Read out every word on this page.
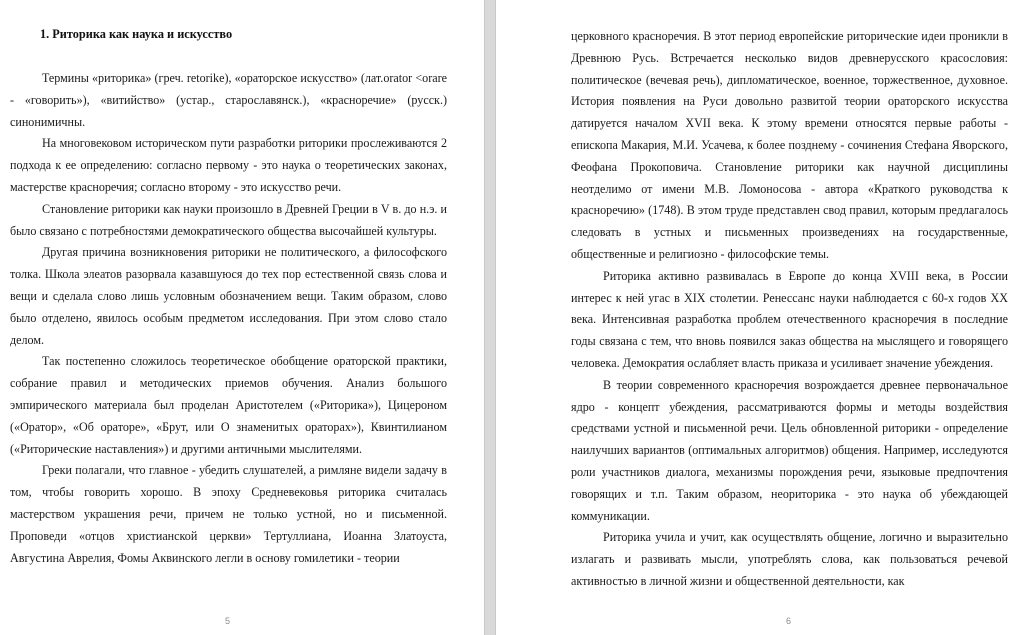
1. Риторика как наука и искусство

Термины «риторика» (греч. retorike), «ораторское искусство» (лат.orator <orare - «говорить»), «витийство» (устар., старославянск.), «красноречие» (русск.) синонимичны.

На многовековом историческом пути разработки риторики прослеживаются 2 подхода к ее определению: согласно первому - это наука о теоретических законах, мастерстве красноречия; согласно второму - это искусство речи.

Становление риторики как науки произошло в Древней Греции в V в. до н.э. и было связано с потребностями демократического общества высочайшей культуры.

Другая причина возникновения риторики не политического, а философского толка. Школа элеатов разорвала казавшуюся до тех пор естественной связь слова и вещи и сделала слово лишь условным обозначением вещи. Таким образом, слово было отделено, явилось особым предметом исследования. При этом слово стало делом.

Так постепенно сложилось теоретическое обобщение ораторской практики, собрание правил и методических приемов обучения. Анализ большого эмпирического материала был проделан Аристотелем («Риторика»), Цицероном («Оратор», «Об ораторе», «Брут, или О знаменитых ораторах»), Квинтилианом («Риторические наставления») и другими античными мыслителями.

Греки полагали, что главное - убедить слушателей, а римляне видели задачу в том, чтобы говорить хорошо. В эпоху Средневековья риторика считалась мастерством украшения речи, причем не только устной, но и письменной. Проповеди «отцов христианской церкви» Тертуллиана, Иоанна Златоуста, Августина Аврелия, Фомы Аквинского легли в основу гомилетики - теории

5

церковного красноречия. В этот период европейские риторические идеи проникли в Древнюю Русь. Встречается несколько видов древнерусского красословия: политическое (вечевая речь), дипломатическое, военное, торжественное, духовное. История появления на Руси довольно развитой теории ораторского искусства датируется началом XVII века. К этому времени относятся первые работы - епископа Макария, М.И. Усачева, к более позднему - сочинения Стефана Яворского, Феофана Прокоповича. Становление риторики как научной дисциплины неотделимо от имени М.В. Ломоносова - автора «Краткого руководства к красноречию» (1748). В этом труде представлен свод правил, которым предлагалось следовать в устных и письменных произведениях на государственные, общественные и религиозно - философские темы.

Риторика активно развивалась в Европе до конца XVIII века, в России интерес к ней угас в XIX столетии. Ренессанс науки наблюдается с 60-х годов XX века. Интенсивная разработка проблем отечественного красноречия в последние годы связана с тем, что вновь появился заказ общества на мыслящего и говорящего человека. Демократия ослабляет власть приказа и усиливает значение убеждения.

В теории современного красноречия возрождается древнее первоначальное ядро - концепт убеждения, рассматриваются формы и методы воздействия средствами устной и письменной речи. Цель обновленной риторики - определение наилучших вариантов (оптимальных алгоритмов) общения. Например, исследуются роли участников диалога, механизмы порождения речи, языковые предпочтения говорящих и т.п. Таким образом, неориторика - это наука об убеждающей коммуникации.

Риторика учила и учит, как осуществлять общение, логично и выразительно излагать и развивать мысли, употреблять слова, как пользоваться речевой активностью в личной жизни и общественной деятельности, как

6
